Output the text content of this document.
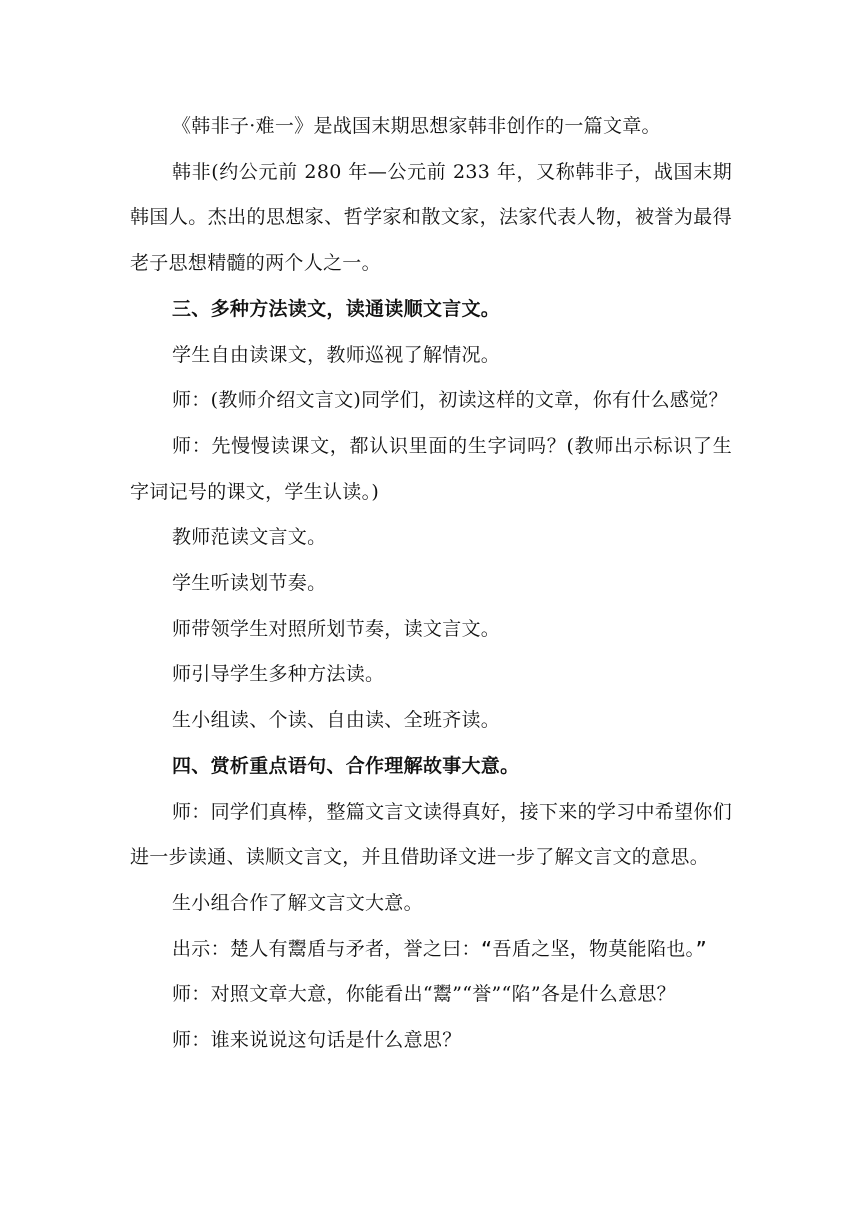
《韩非子·难一》是战国末期思想家韩非创作的一篇文章。

韩非(约公元前 280 年—公元前 233 年，又称韩非子，战国末期韩国人。杰出的思想家、哲学家和散文家，法家代表人物，被誉为最得老子思想精髓的两个人之一。

三、多种方法读文，读通读顺文言文。

学生自由读课文，教师巡视了解情况。

师：(教师介绍文言文)同学们，初读这样的文章，你有什么感觉？

师：先慢慢读课文，都认识里面的生字词吗？(教师出示标识了生字词记号的课文，学生认读。)

教师范读文言文。

学生听读划节奏。

师带领学生对照所划节奏，读文言文。

师引导学生多种方法读。

生小组读、个读、自由读、全班齐读。

四、赏析重点语句、合作理解故事大意。

师：同学们真棒，整篇文言文读得真好，接下来的学习中希望你们进一步读通、读顺文言文，并且借助译文进一步了解文言文的意思。

生小组合作了解文言文大意。

出示：楚人有鬻盾与矛者，誉之曰：“吾盾之坚，物莫能陷也。”

师：对照文章大意，你能看出“鬻”“誉”“陷”各是什么意思？

师：谁来说说这句话是什么意思？
